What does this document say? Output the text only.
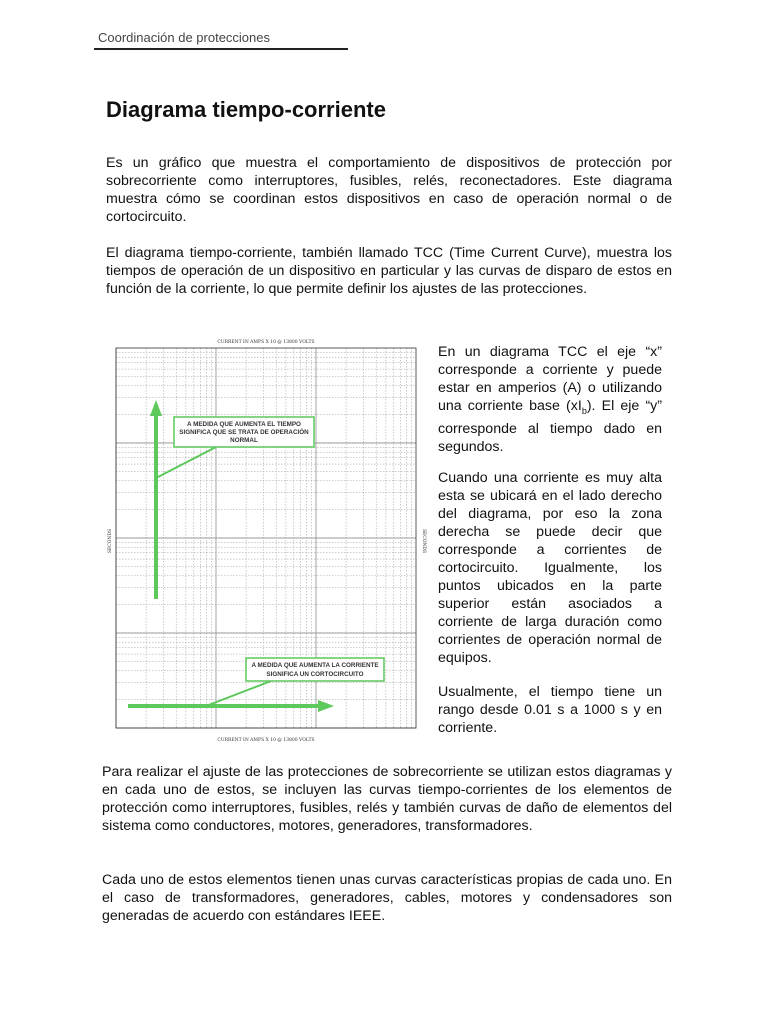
Coordinación de protecciones
Diagrama tiempo-corriente

Es un gráfico que muestra el comportamiento de dispositivos de protección por sobrecorriente como interruptores, fusibles, relés, reconectadores. Este diagrama muestra cómo se coordinan estos dispositivos en caso de operación normal o de cortocircuito.

El diagrama tiempo-corriente, también llamado TCC (Time Current Curve), muestra los tiempos de operación de un dispositivo en particular y las curvas de disparo de estos en función de la corriente, lo que permite definir los ajustes de las protecciones.

CURRENT IN AMPS X 10 @ 13800 VOLTS
CURRENT IN AMPS X 10 @ 13800 VOLTS
SECONDS	SECONDS
A MEDIDA QUE AUMENTA EL TIEMPO
SIGNIFICA QUE SE TRATA DE OPERACIÓN
NORMAL
A MEDIDA QUE AUMENTA LA CORRIENTE
SIGNIFICA UN CORTOCIRCUITO

En un diagrama TCC el eje “x” corresponde a corriente y puede estar en amperios (A) o utilizando una corriente base $(xI_b)$. El eje “y” corresponde al tiempo dado en segundos.

Cuando una corriente es muy alta esta se ubicará en el lado derecho del diagrama, por eso la zona derecha se puede decir que corresponde a corrientes de cortocircuito. Igualmente, los puntos ubicados en la parte superior están asociados a corriente de larga duración como corrientes de operación normal de equipos.

Usualmente, el tiempo tiene un rango desde 0.01 s a 1000 s y en corriente.

Para realizar el ajuste de las protecciones de sobrecorriente se utilizan estos diagramas y en cada uno de estos, se incluyen las curvas tiempo-corrientes de los elementos de protección como interruptores, fusibles, relés y también curvas de daño de elementos del sistema como conductores, motores, generadores, transformadores.

Cada uno de estos elementos tienen unas curvas características propias de cada uno. En el caso de transformadores, generadores, cables, motores y condensadores son generadas de acuerdo con estándares IEEE.
